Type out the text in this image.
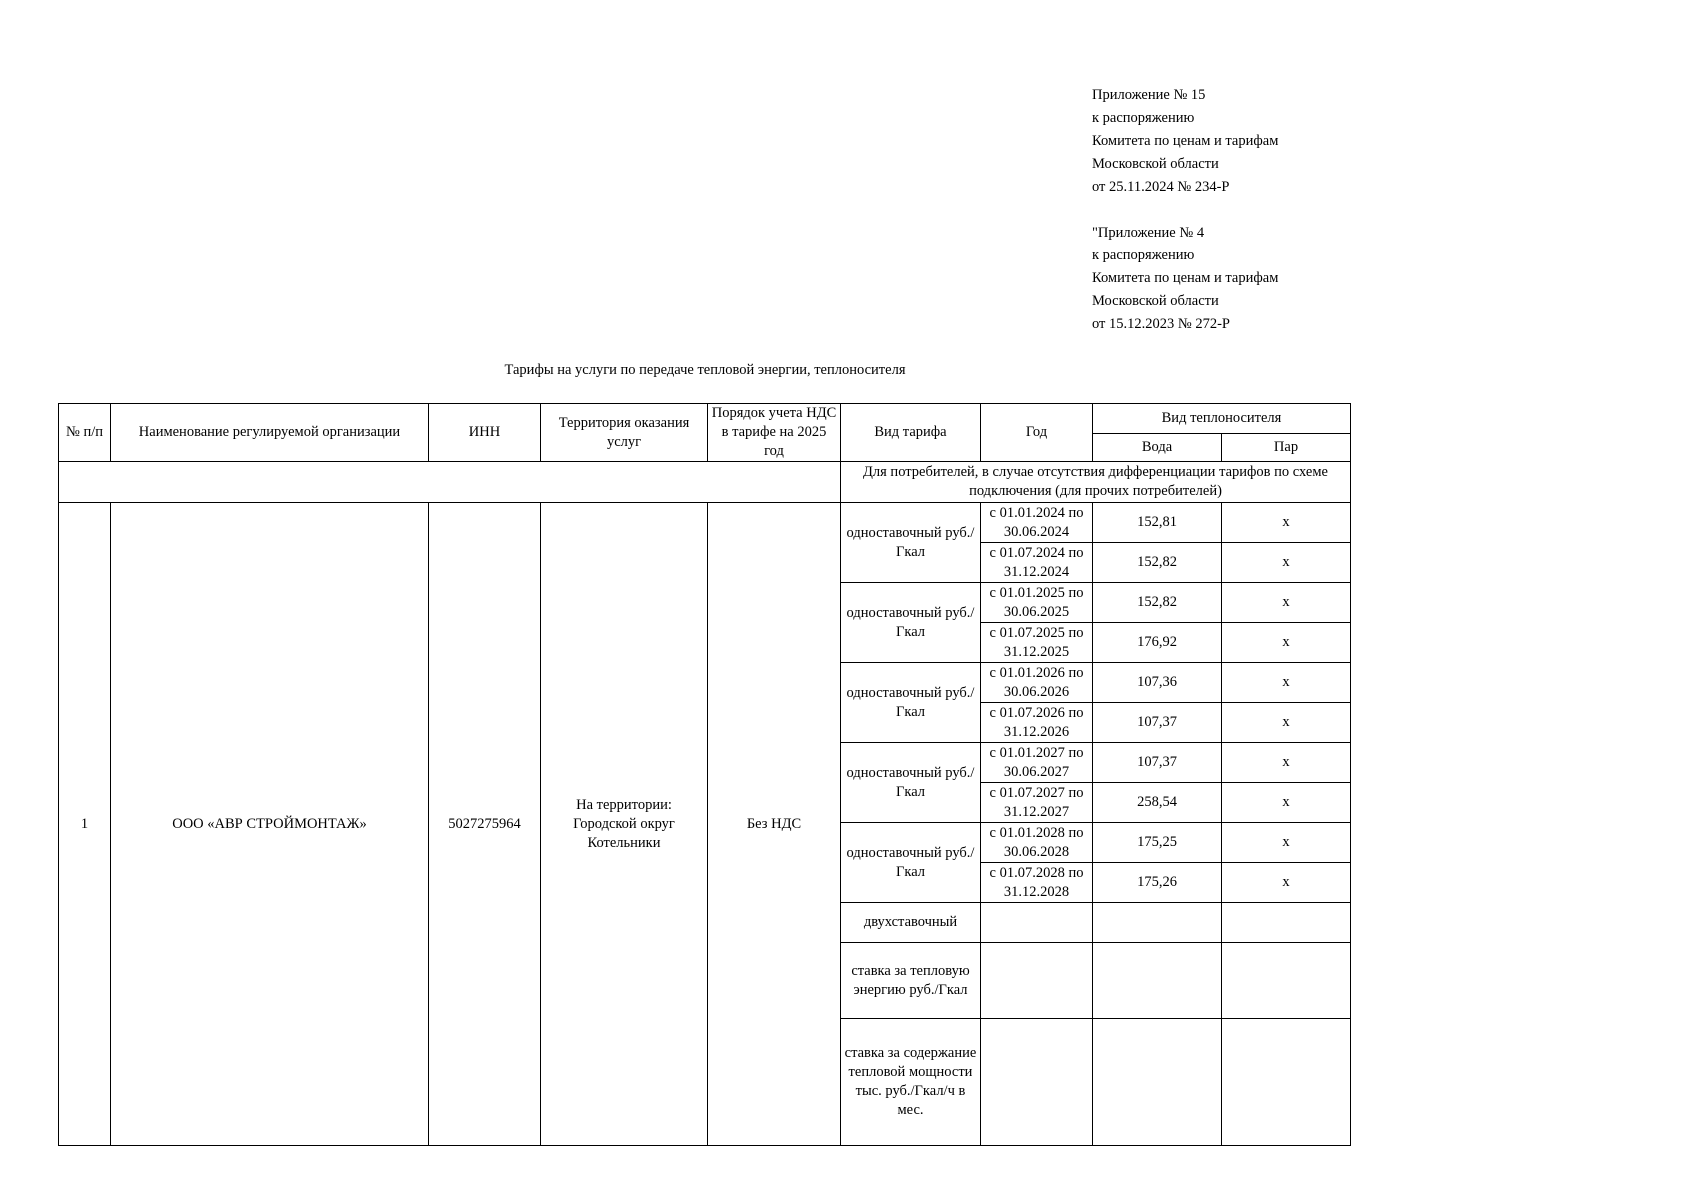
Приложение № 15

к распоряжению

Комитета по ценам и тарифам

Московской области

от 25.11.2024 № 234-Р

"Приложение № 4

к распоряжению

Комитета по ценам и тарифам

Московской области

от 15.12.2023 № 272-Р

Тарифы на услуги по передаче тепловой энергии, теплоносителя
№ п/п	Наименование регулируемой организации	ИНН	Территория оказания услуг	Порядок учета НДС в тарифе на 2025 год	Вид тарифа	Год	Вид теплоносителя	
							Вода	Пар
					Для потребителей, в случае отсутствия дифференциации тарифов по схеме подключения (для прочих потребителей)			
1	ООО «АВР СТРОЙМОНТАЖ»	5027275964	На территории: Городской округ Котельники	Без НДС	одноставочный руб./Гкал	с 01.01.2024 по 30.06.2024	152,81	х
						с 01.07.2024 по 31.12.2024	152,82	х
					одноставочный руб./Гкал	с 01.01.2025 по 30.06.2025	152,82	х
						с 01.07.2025 по 31.12.2025	176,92	х
					одноставочный руб./Гкал	с 01.01.2026 по 30.06.2026	107,36	х
						с 01.07.2026 по 31.12.2026	107,37	х
					одноставочный руб./Гкал	с 01.01.2027 по 30.06.2027	107,37	х
						с 01.07.2027 по 31.12.2027	258,54	х
					одноставочный руб./Гкал	с 01.01.2028 по 30.06.2028	175,25	х
						с 01.07.2028 по 31.12.2028	175,26	х
					двухставочный			
					ставка за тепловую энергию руб./Гкал			
					ставка за содержание тепловой мощности тыс. руб./Гкал/ч в мес.			
